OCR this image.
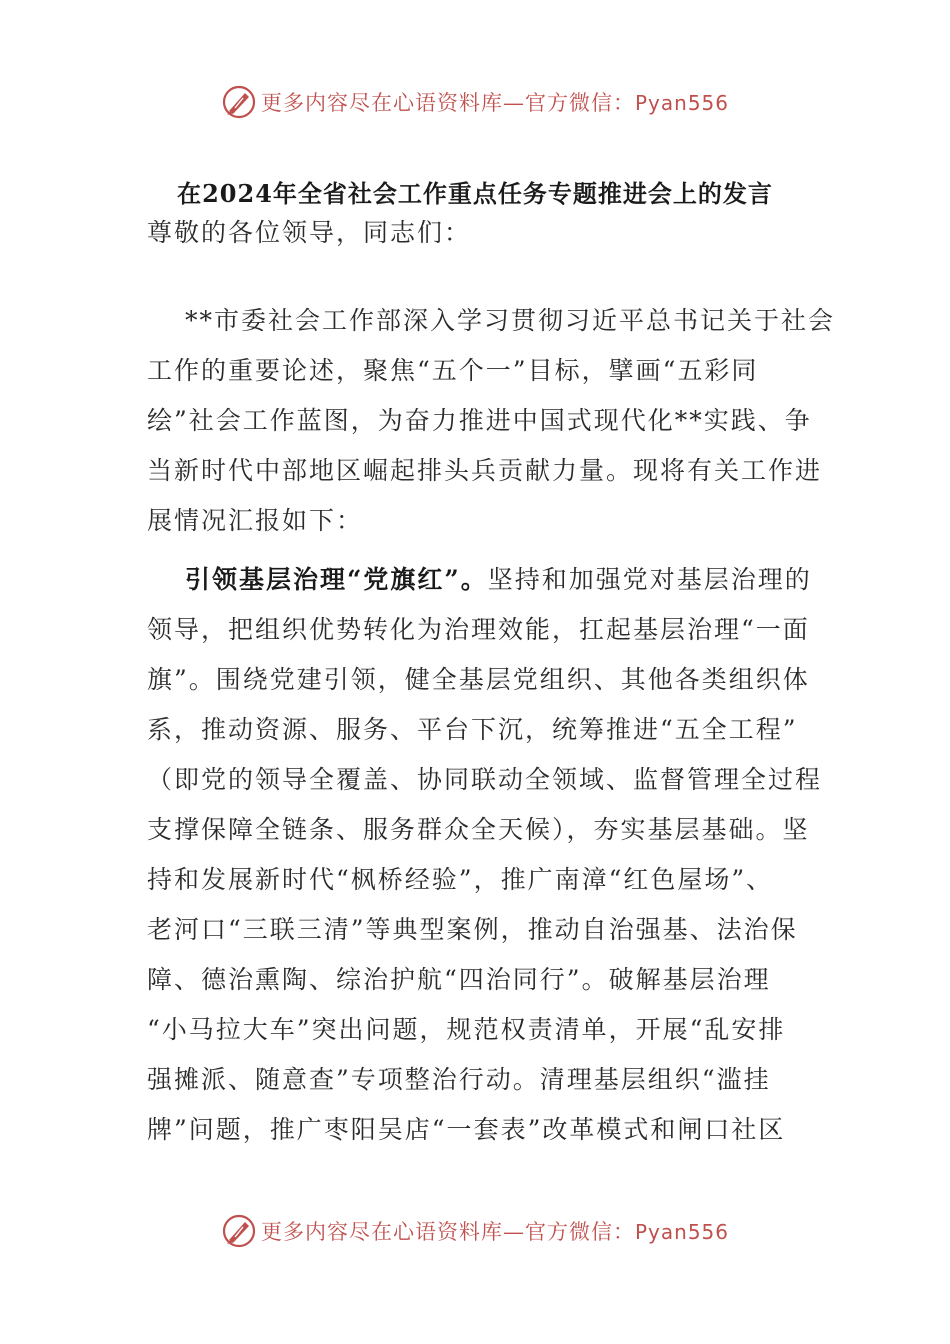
更多内容尽在心语资料库—官方微信：Pyan556
在2024年全省社会工作重点任务专题推进会上的发言
尊敬的各位领导，同志们：
**市委社会工作部深入学习贯彻习近平总书记关于社会
工作的重要论述，聚焦“五个一”目标，擘画“五彩同
绘”社会工作蓝图，为奋力推进中国式现代化**实践、争
当新时代中部地区崛起排头兵贡献力量。现将有关工作进
展情况汇报如下：
引领基层治理“党旗红”。坚持和加强党对基层治理的
领导，把组织优势转化为治理效能，扛起基层治理“一面
旗”。围绕党建引领，健全基层党组织、其他各类组织体
系，推动资源、服务、平台下沉，统筹推进“五全工程”
（即党的领导全覆盖、协同联动全领域、监督管理全过程
支撑保障全链条、服务群众全天候），夯实基层基础。坚
持和发展新时代“枫桥经验”，推广南漳“红色屋场”、
老河口“三联三清”等典型案例，推动自治强基、法治保
障、德治熏陶、综治护航“四治同行”。破解基层治理
“小马拉大车”突出问题，规范权责清单，开展“乱安排
强摊派、随意查”专项整治行动。清理基层组织“滥挂
牌”问题，推广枣阳吴店“一套表”改革模式和闸口社区
更多内容尽在心语资料库—官方微信：Pyan556
